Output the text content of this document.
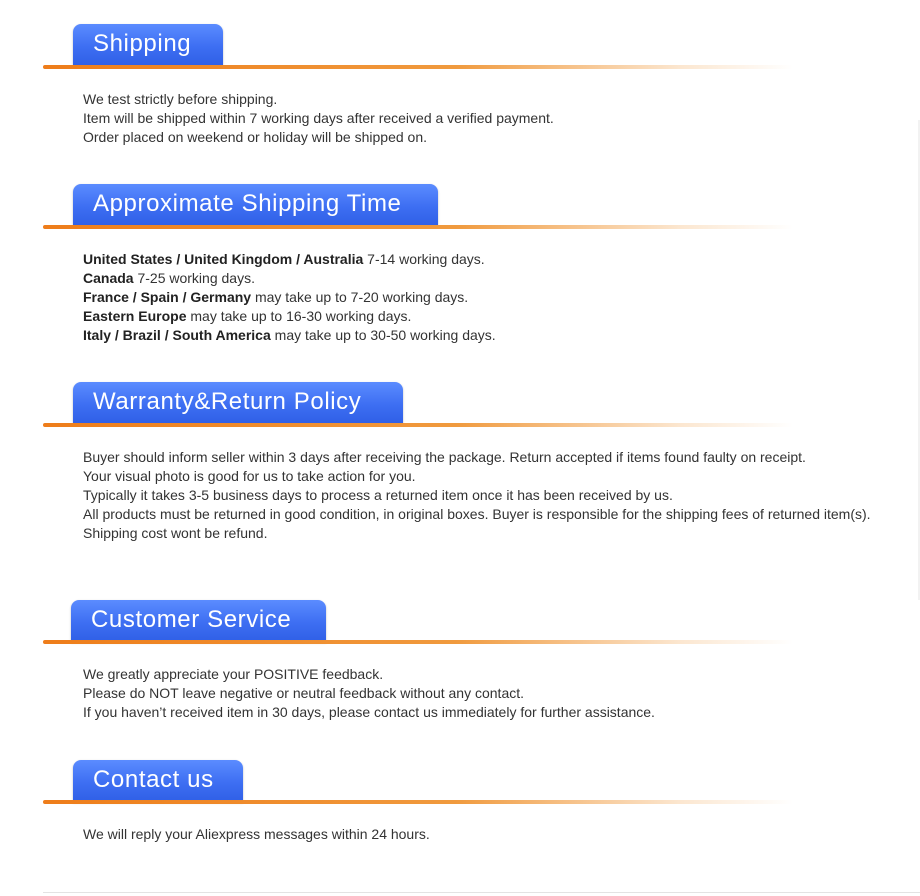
Shipping
We test strictly before shipping.
Item will be shipped within 7 working days after received a verified payment.
Order placed on weekend or holiday will be shipped on.
Approximate Shipping Time
United States / United Kingdom / Australia 7-14 working days.
Canada 7-25 working days.
France / Spain / Germany may take up to 7-20 working days.
Eastern Europe may take up to 16-30 working days.
Italy / Brazil / South America may take up to 30-50 working days.
Warranty&Return Policy
Buyer should inform seller within 3 days after receiving the package. Return accepted if items found faulty on receipt.
Your visual photo is good for us to take action for you.
Typically it takes 3-5 business days to process a returned item once it has been received by us.
All products must be returned in good condition, in original boxes. Buyer is responsible for the shipping fees of returned item(s).
Shipping cost wont be refund.
Customer Service
We greatly appreciate your POSITIVE feedback.
Please do NOT leave negative or neutral feedback without any contact.
If you haven’t received item in 30 days, please contact us immediately for further assistance.
Contact us
We will reply your Aliexpress messages within 24 hours.
